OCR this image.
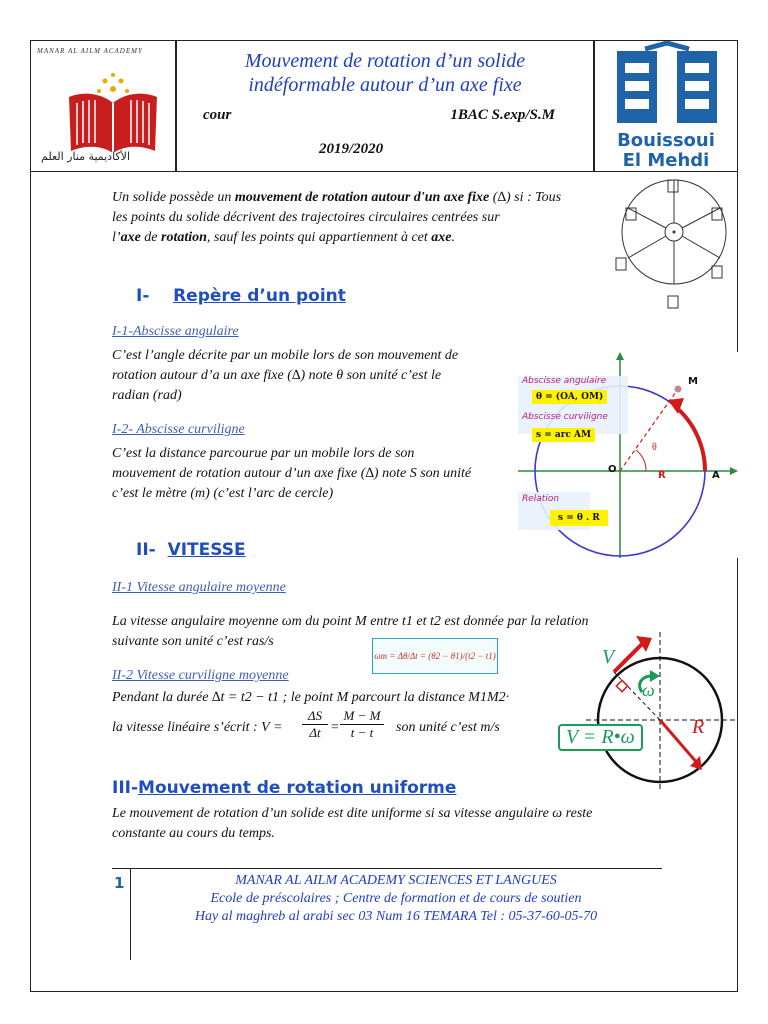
MANAR AL AILM ACADEMY
الأكاديمية منار العلم
Mouvement de rotation d’un solide
indéformable autour d’un axe fixe
cour	1BAC S.exp/S.M
2019/2020	Bouissoui
El Mehdi
Un solide possède un mouvement de rotation autour d'un axe fixe (∆) si : Tous
les points du solide décrivent des trajectoires circulaires centrées sur
l’axe de rotation, sauf les points qui appartiennent à cet axe.
I- Repère d’un point
I-1-Abscisse angulaire
C’est l’angle décrite par un mobile lors de son mouvement de
rotation autour d’a un axe fixe (∆) note θ son unité c’est le
radian (rad)
I-2- Abscisse curviligne
C’est la distance parcourue par un mobile lors de son
mouvement de rotation autour d’un axe fixe (∆) note S son unité
c’est le mètre (m) (c’est l’arc de cercle)
Abscisse angulaire
θ = (OA, OM)
Abscisse curviligne
s = arc AM
Relation
s = θ . R
O
A
M
R
θ
II- VITESSE
II-1 Vitesse angulaire moyenne
La vitesse angulaire moyenne ωm du point M entre t1 et t2 est donnée par la relation
suivante son unité c’est ras/s
ωm = Δθ/Δt = (θ2 − θ1)/(t2 − t1)
II-2 Vitesse curviligne moyenne
Pendant la durée ∆t = t2 − t1 ; le point M parcourt la distance M1M2·
la vitesse linéaire s’écrit : V =
ΔS
Δt =
M − M
t − t	son unité c’est m/s
V
ω
R
V = R•ω
III-Mouvement de rotation uniforme
Le mouvement de rotation d’un solide est dite uniforme si sa vitesse angulaire ω reste
constante au cours du temps.
1	MANAR AL AILM ACADEMY SCIENCES ET LANGUES
Ecole de préscolaires ; Centre de formation et de cours de soutien
Hay al maghreb al arabi sec 03 Num 16 TEMARA Tel : 05-37-60-05-70
